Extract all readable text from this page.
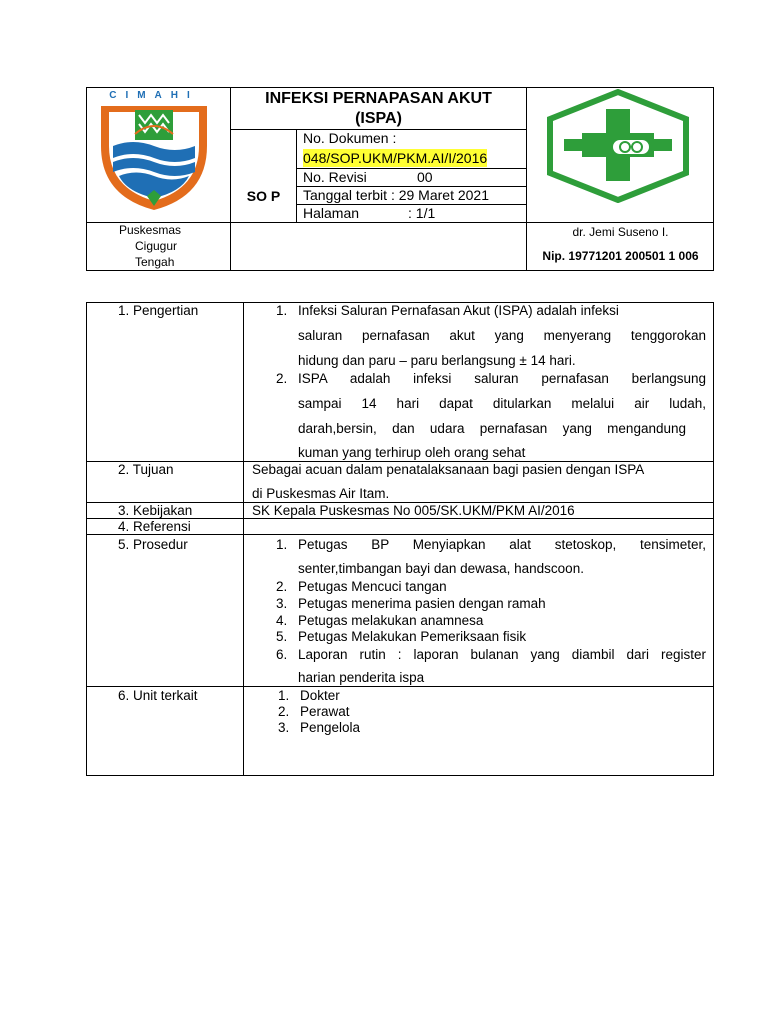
CIMAHI	INFEKSI PERNAPASAN AKUT
(ISPA)
SO P
No. Dokumen :
048/SOP.UKM/PKM.AI/I/2016
No. Revisi	00
Tanggal terbit : 29 Maret 2021
Halaman	: 1/1
Puskesmas
Cigugur
Tengah
dr. Jemi Suseno I.
Nip. 19771201 200501 1 006
1. Pengertian	1. Infeksi Saluran Pernafasan Akut (ISPA) adalah infeksi
saluran pernafasan akut yang menyerang tenggorokan
hidung dan paru – paru berlangsung ± 14 hari.
2. ISPA adalah infeksi saluran pernafasan berlangsung
sampai 14 hari dapat ditularkan melalui air ludah,
darah,bersin, dan udara pernafasan yang mengandung
kuman yang terhirup oleh orang sehat
2. Tujuan	Sebagai acuan dalam penatalaksanaan bagi pasien dengan ISPA
di Puskesmas Air Itam.
3. Kebijakan	SK Kepala Puskesmas No 005/SK.UKM/PKM AI/2016
4. Referensi
5. Prosedur	1. Petugas BP Menyiapkan alat stetoskop, tensimeter,
senter,timbangan bayi dan dewasa, handscoon.
2. Petugas Mencuci tangan
3. Petugas menerima pasien dengan ramah
4. Petugas melakukan anamnesa
5. Petugas Melakukan Pemeriksaan fisik
6. Laporan rutin : laporan bulanan yang diambil dari register
harian penderita ispa
6. Unit terkait	1. Dokter
2. Perawat
3. Pengelola
